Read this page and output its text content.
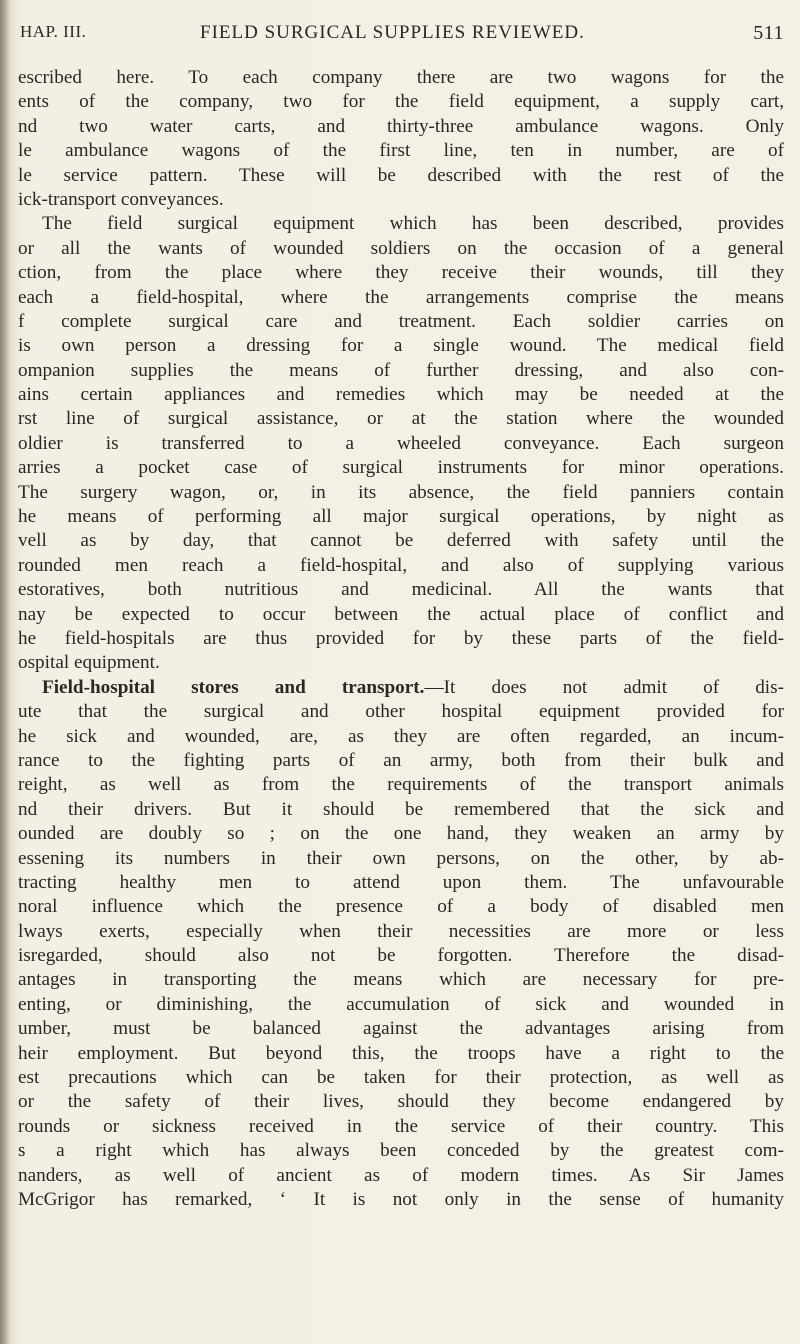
HAP. III.	FIELD SURGICAL SUPPLIES REVIEWED.	511
escribed here. To each company there are two wagons for the
ents of the company, two for the field equipment, a supply cart,
nd two water carts, and thirty-three ambulance wagons. Only
le ambulance wagons of the first line, ten in number, are of
le service pattern. These will be described with the rest of the
ick-transport conveyances.
The field surgical equipment which has been described, provides
or all the wants of wounded soldiers on the occasion of a general
ction, from the place where they receive their wounds, till they
each a field-hospital, where the arrangements comprise the means
f complete surgical care and treatment. Each soldier carries on
is own person a dressing for a single wound. The medical field
ompanion supplies the means of further dressing, and also con-
ains certain appliances and remedies which may be needed at the
rst line of surgical assistance, or at the station where the wounded
oldier is transferred to a wheeled conveyance. Each surgeon
arries a pocket case of surgical instruments for minor operations.
The surgery wagon, or, in its absence, the field panniers contain
he means of performing all major surgical operations, by night as
vell as by day, that cannot be deferred with safety until the
rounded men reach a field-hospital, and also of supplying various
estoratives, both nutritious and medicinal. All the wants that
nay be expected to occur between the actual place of conflict and
he field-hospitals are thus provided for by these parts of the field-
ospital equipment.
Field-hospital stores and transport.—It does not admit of dis-
ute that the surgical and other hospital equipment provided for
he sick and wounded, are, as they are often regarded, an incum-
rance to the fighting parts of an army, both from their bulk and
reight, as well as from the requirements of the transport animals
nd their drivers. But it should be remembered that the sick and
ounded are doubly so ; on the one hand, they weaken an army by
essening its numbers in their own persons, on the other, by ab-
tracting healthy men to attend upon them. The unfavourable
noral influence which the presence of a body of disabled men
lways exerts, especially when their necessities are more or less
isregarded, should also not be forgotten. Therefore the disad-
antages in transporting the means which are necessary for pre-
enting, or diminishing, the accumulation of sick and wounded in
umber, must be balanced against the advantages arising from
heir employment. But beyond this, the troops have a right to the
est precautions which can be taken for their protection, as well as
or the safety of their lives, should they become endangered by
rounds or sickness received in the service of their country. This
s a right which has always been conceded by the greatest com-
nanders, as well of ancient as of modern times. As Sir James
McGrigor has remarked, ‘ It is not only in the sense of humanity
